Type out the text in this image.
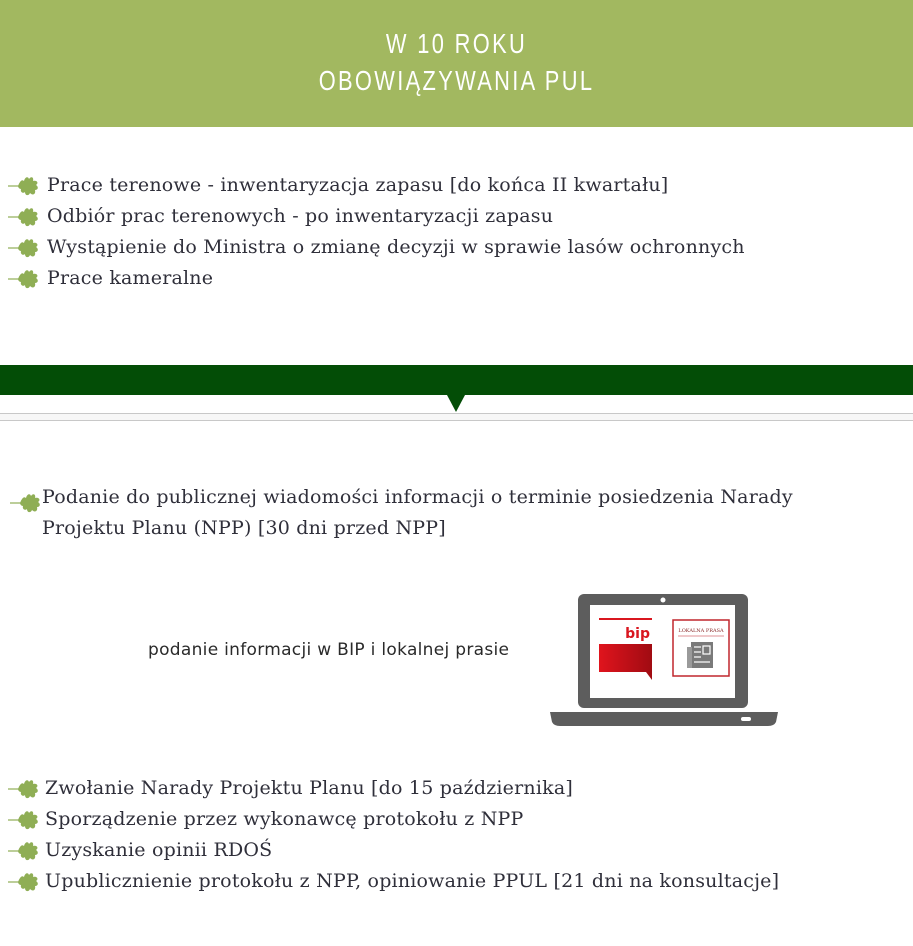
W 10 ROKU
OBOWIĄZYWANIA PUL
Prace terenowe - inwentaryzacja zapasu [do końca II kwartału]
Odbiór prac terenowych - po inwentaryzacji zapasu
Wystąpienie do Ministra o zmianę decyzji w sprawie lasów ochronnych
Prace kameralne
Podanie do publicznej wiadomości informacji o terminie posiedzenia Narady Projektu Planu (NPP) [30 dni przed NPP]
podanie informacji w BIP i lokalnej prasie
bip	LOKALNA PRASA
Zwołanie Narady Projektu Planu [do 15 października]
Sporządzenie przez wykonawcę protokołu z NPP
Uzyskanie opinii RDOŚ
Upublicznienie protokołu z NPP, opiniowanie PPUL [21 dni na konsultacje]
